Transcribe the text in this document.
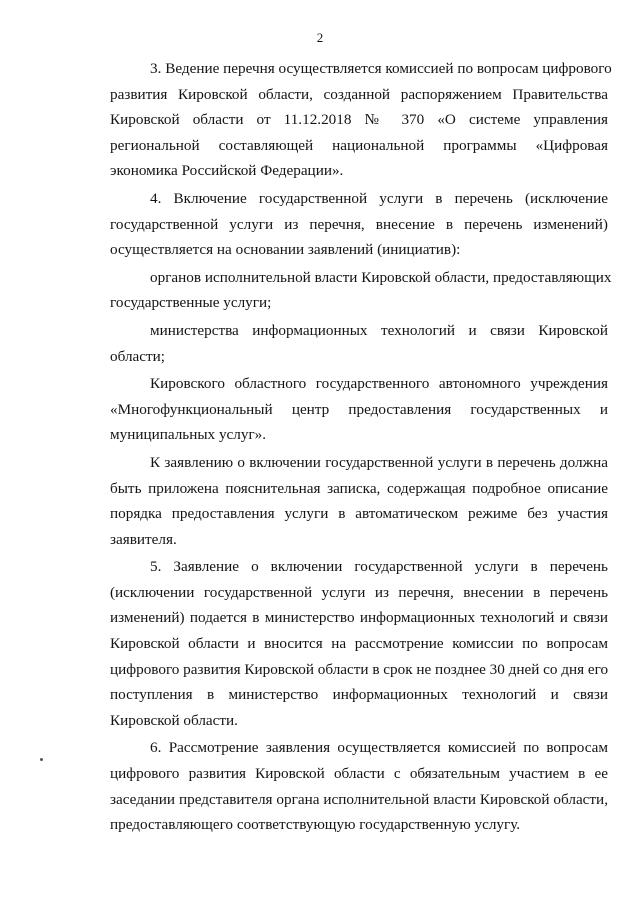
2
3. Ведение перечня осуществляется комиссией по вопросам цифрового
развития Кировской области, созданной распоряжением Правительства
Кировской области от 11.12.2018 № 370 «О системе управления
региональной составляющей национальной программы «Цифровая
экономика Российской Федерации».
4. Включение государственной услуги в перечень (исключение
государственной услуги из перечня, внесение в перечень изменений)
осуществляется на основании заявлений (инициатив):
органов исполнительной власти Кировской области, предоставляющих
государственные услуги;
министерства информационных технологий и связи Кировской
области;
Кировского областного государственного автономного учреждения
«Многофункциональный центр предоставления государственных и
муниципальных услуг».
К заявлению о включении государственной услуги в перечень должна
быть приложена пояснительная записка, содержащая подробное описание
порядка предоставления услуги в автоматическом режиме без участия
заявителя.
5. Заявление о включении государственной услуги в перечень
(исключении государственной услуги из перечня, внесении в перечень
изменений) подается в министерство информационных технологий и связи
Кировской области и вносится на рассмотрение комиссии по вопросам
цифрового развития Кировской области в срок не позднее 30 дней со дня его
поступления в министерство информационных технологий и связи
Кировской области.
6. Рассмотрение заявления осуществляется комиссией по вопросам
цифрового развития Кировской области с обязательным участием в ее
заседании представителя органа исполнительной власти Кировской области,
предоставляющего соответствующую государственную услугу.
